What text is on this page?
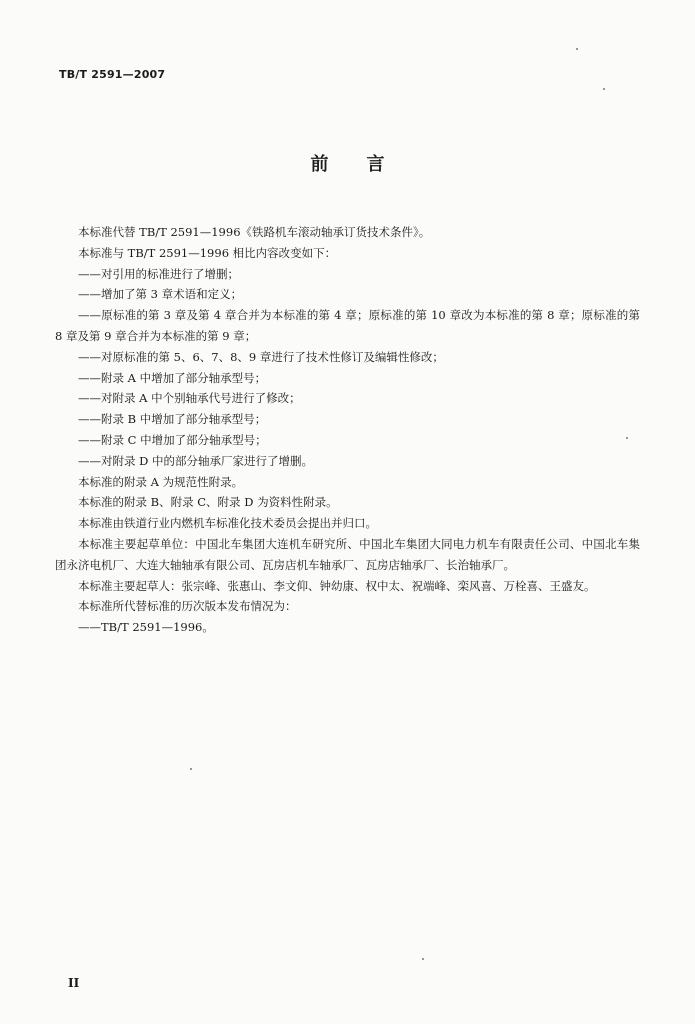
TB/T 2591—2007
前言

本标准代替 TB/T 2591—1996《铁路机车滚动轴承订货技术条件》。

本标准与 TB/T 2591—1996 相比内容改变如下：

——对引用的标准进行了增删；

——增加了第 3 章术语和定义；

——原标准的第 3 章及第 4 章合并为本标准的第 4 章；原标准的第 10 章改为本标准的第 8 章；原标准的第 8 章及第 9 章合并为本标准的第 9 章；

——对原标准的第 5、6、7、8、9 章进行了技术性修订及编辑性修改；

——附录 A 中增加了部分轴承型号；

——对附录 A 中个别轴承代号进行了修改；

——附录 B 中增加了部分轴承型号；

——附录 C 中增加了部分轴承型号；

——对附录 D 中的部分轴承厂家进行了增删。

本标准的附录 A 为规范性附录。

本标准的附录 B、附录 C、附录 D 为资料性附录。

本标准由铁道行业内燃机车标准化技术委员会提出并归口。

本标准主要起草单位：中国北车集团大连机车研究所、中国北车集团大同电力机车有限责任公司、中国北车集团永济电机厂、大连大轴轴承有限公司、瓦房店机车轴承厂、瓦房店轴承厂、长治轴承厂。

本标准主要起草人：张宗峰、张惠山、李文仰、钟幼康、权中太、祝端峰、栾风喜、万栓喜、王盛友。

本标准所代替标准的历次版本发布情况为：

——TB/T 2591—1996。

II
